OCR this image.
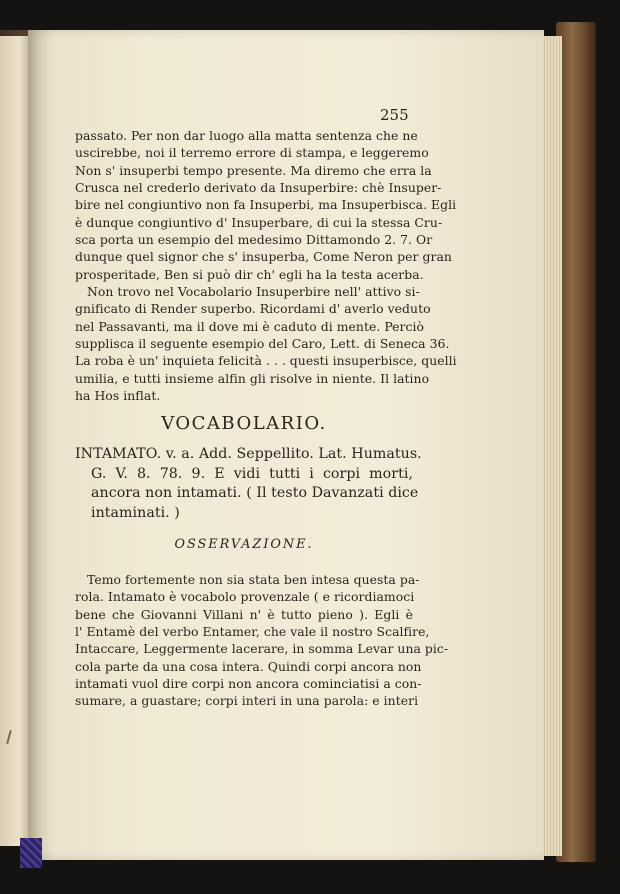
255
passato. Per non dar luogo alla matta sentenza che ne
uscirebbe, noi il terremo errore di stampa, e leggeremo
Non s' insuperbi tempo presente. Ma diremo che erra la
Crusca nel crederlo derivato da Insuperbire: chè Insuper-
bire nel congiuntivo non fa Insuperbi, ma Insuperbisca. Egli
è dunque congiuntivo d' Insuperbare, di cui la stessa Cru-
sca porta un esempio del medesimo Dittamondo 2. 7. Or
dunque quel signor che s' insuperba, Come Neron per gran
prosperitade, Ben si può dir ch' egli ha la testa acerba.
Non trovo nel Vocabolario Insuperbire nell' attivo si-
gnificato di Render superbo. Ricordami d' averlo veduto
nel Passavanti, ma il dove mi è caduto di mente. Perciò
supplisca il seguente esempio del Caro, Lett. di Seneca 36.
La roba è un' inquieta felicità . . . questi insuperbisce, quelli
umilia, e tutti insieme alfin gli risolve in niente. Il latino
ha Hos inflat.
VOCABOLARIO.
INTAMATO. v. a. Add. Seppellito. Lat. Humatus.
G. V. 8. 78. 9. E vidi tutti i corpi morti,
ancora non intamati. ( Il testo Davanzati dice
intaminati. )
OSSERVAZIONE.
Temo fortemente non sia stata ben intesa questa pa-
rola. Intamato è vocabolo provenzale ( e ricordiamoci
bene che Giovanni Villani n' è tutto pieno ). Egli è
l' Entamè del verbo Entamer, che vale il nostro Scalfire,
Intaccare, Leggermente lacerare, in somma Levar una pic-
cola parte da una cosa intera. Quindi corpi ancora non
intamati vuol dire corpi non ancora cominciatisi a con-
sumare, a guastare; corpi interi in una parola: e interi
